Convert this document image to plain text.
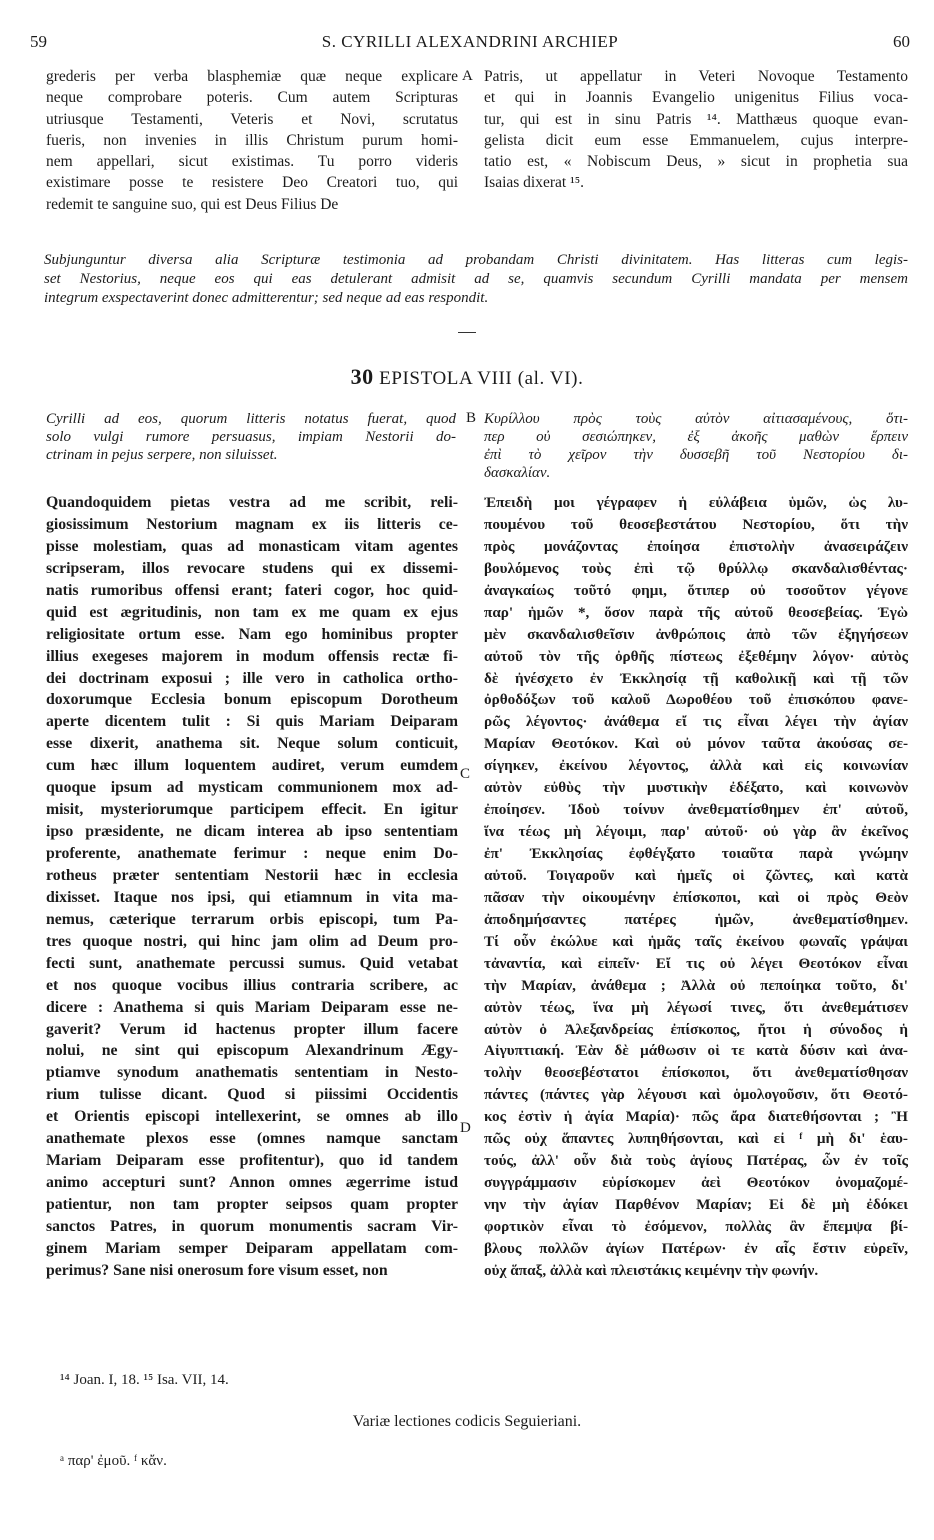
59	S. CYRILLI ALEXANDRINI ARCHIEP	60
grederis per verba blasphemiæ quæ neque explicare
neque comprobare poteris. Cum autem Scripturas
utriusque Testamenti, Veteris et Novi, scrutatus
fueris, non invenies in illis Christum purum homi-
nem appellari, sicut existimas. Tu porro videris
existimare posse te resistere Deo Creatori tuo, qui
redemit te sanguine suo, qui est Deus Filius De
A Patris, ut appellatur in Veteri Novoque Testamento
et qui in Joannis Evangelio unigenitus Filius voca-
tur, qui est in sinu Patris ¹⁴. Matthæus quoque evan-
gelista dicit eum esse Emmanuelem, cujus interpre-
tatio est, « Nobiscum Deus, » sicut in prophetia sua
Isaias dixerat ¹⁵.
Subjunguntur diversa alia Scripturæ testimonia ad probandam Christi divinitatem. Has litteras cum legis-
set Nestorius, neque eos qui eas detulerant admisit ad se, quamvis secundum Cyrilli mandata per mensem
integrum exspectaverint donec admitterentur; sed neque ad eas respondit.
30 EPISTOLA VIII (al. VI).
Cyrilli ad eos, quorum litteris notatus fuerat, quod
solo vulgi rumore persuasus, impiam Nestorii do-
ctrinam in pejus serpere, non siluisset.
B Κυρίλλου πρὸς τοὺς αὐτὸν αἰτιασαμένους, ὅτι-
περ οὐ σεσιώπηκεν, ἐξ ἀκοῆς μαθὼν ἕρπειν
ἐπὶ τὸ χεῖρον τὴν δυσσεβῆ τοῦ Νεστορίου δι-
δασκαλίαν.
Quandoquidem pietas vestra ad me scribit, reli-
giosissimum Nestorium magnam ex iis litteris ce-
pisse molestiam, quas ad monasticam vitam agentes
scripseram, illos revocare studens qui ex dissemi-
natis rumoribus offensi erant; fateri cogor, hoc quid-
quid est ægritudinis, non tam ex me quam ex ejus
religiositate ortum esse. Nam ego hominibus propter
illius exegeses majorem in modum offensis rectæ fi-
dei doctrinam exposui ; ille vero in catholica ortho-
doxorumque Ecclesia bonum episcopum Dorotheum
aperte dicentem tulit : Si quis Mariam Deiparam
esse dixerit, anathema sit. Neque solum conticuit,
cum hæc illum loquentem audiret, verum eumdem
quoque ipsum ad mysticam communionem mox ad-
misit, mysteriorumque participem effecit. En igitur
ipso præsidente, ne dicam interea ab ipso sententiam
proferente, anathemate ferimur : neque enim Do-
rotheus præter sententiam Nestorii hæc in ecclesia
dixisset. Itaque nos ipsi, qui etiamnum in vita ma-
nemus, cæterique terrarum orbis episcopi, tum Pa-
tres quoque nostri, qui hinc jam olim ad Deum pro-
fecti sunt, anathemate percussi sumus. Quid vetabat
et nos quoque vocibus illius contraria scribere, ac
dicere : Anathema si quis Mariam Deiparam esse ne-
gaverit? Verum id hactenus propter illum facere
nolui, ne sint qui episcopum Alexandrinum Ægy-
ptiamve synodum anathematis sententiam in Nesto-
rium tulisse dicant. Quod si piissimi Occidentis
et Orientis episcopi intellexerint, se omnes ab illo
anathemate plexos esse (omnes namque sanctam
Mariam Deiparam esse profitentur), quo id tandem
animo accepturi sunt? Annon omnes ægerrime istud
patientur, non tam propter seipsos quam propter
sanctos Patres, in quorum monumentis sacram Vir-
ginem Mariam semper Deiparam appellatam com-
perimus? Sane nisi onerosum fore visum esset, non
C
D
Ἐπειδὴ μοι γέγραφεν ἡ εὐλάβεια ὑμῶν, ὡς λυ-
πουμένου τοῦ θεοσεβεστάτου Νεστορίου, ὅτι τὴν
πρὸς μονάζοντας ἐποίησα ἐπιστολὴν ἀνασειράζειν
βουλόμενος τοὺς ἐπὶ τῷ θρύλλῳ σκανδαλισθέντας·
ἀναγκαίως τοῦτό φημι, ὅτιπερ οὐ τοσοῦτον γέγονε
παρ' ἡμῶν *, ὅσον παρὰ τῆς αὐτοῦ θεοσεβείας. Ἐγὼ
μὲν σκανδαλισθεῖσιν ἀνθρώποις ἀπὸ τῶν ἐξηγήσεων
αὐτοῦ τὸν τῆς ὀρθῆς πίστεως ἐξεθέμην λόγον· αὐτὸς
δὲ ἠνέσχετο ἐν Ἐκκλησίᾳ τῇ καθολικῇ καὶ τῇ τῶν
ὀρθοδόξων τοῦ καλοῦ Δωροθέου τοῦ ἐπισκόπου φανε-
ρῶς λέγοντος· ἀνάθεμα εἴ τις εἶναι λέγει τὴν ἁγίαν
Μαρίαν Θεοτόκον. Καὶ οὐ μόνον ταῦτα ἀκούσας σε-
σίγηκεν, ἐκείνου λέγοντος, ἀλλὰ καὶ εἰς κοινωνίαν
αὐτὸν εὐθὺς τὴν μυστικὴν ἐδέξατο, καὶ κοινωνὸν
ἐποίησεν. Ἰδοὺ τοίνυν ἀνεθεματίσθημεν ἐπ' αὐτοῦ,
ἵνα τέως μὴ λέγοιμι, παρ' αὐτοῦ· οὐ γὰρ ἂν ἐκεῖνος
ἐπ' Ἐκκλησίας ἐφθέγξατο τοιαῦτα παρὰ γνώμην
αὐτοῦ. Τοιγαροῦν καὶ ἡμεῖς οἱ ζῶντες, καὶ κατὰ
πᾶσαν τὴν οἰκουμένην ἐπίσκοποι, καὶ οἱ πρὸς Θεὸν
ἀποδημήσαντες πατέρες ἡμῶν, ἀνεθεματίσθημεν.
Τί οὖν ἐκώλυε καὶ ἡμᾶς ταῖς ἐκείνου φωναῖς γράψαι
τἀναντία, καὶ εἰπεῖν· Εἴ τις οὐ λέγει Θεοτόκον εἶναι
τὴν Μαρίαν, ἀνάθεμα ; Ἀλλὰ οὐ πεποίηκα τοῦτο, δι'
αὐτὸν τέως, ἵνα μὴ λέγωσί τινες, ὅτι ἀνεθεμάτισεν
αὐτὸν ὁ Ἀλεξανδρείας ἐπίσκοπος, ἤτοι ἡ σύνοδος ἡ
Αἰγυπτιακή. Ἐὰν δὲ μάθωσιν οἱ τε κατὰ δύσιν καὶ ἀνα-
τολὴν θεοσεβέστατοι ἐπίσκοποι, ὅτι ἀνεθεματίσθησαν
πάντες (πάντες γὰρ λέγουσι καὶ ὁμολογοῦσιν, ὅτι Θεοτό-
κος ἐστὶν ἡ ἁγία Μαρία)· πῶς ἄρα διατεθήσονται ; Ἢ
πῶς οὐχ ἅπαντες λυπηθήσονται, καὶ εἰ ᶠ μὴ δι' ἑαυ-
τούς, ἀλλ' οὖν διὰ τοὺς ἁγίους Πατέρας, ὧν ἐν τοῖς
συγγράμμασιν εὑρίσκομεν ἀεὶ Θεοτόκον ὀνομαζομέ-
νην τὴν ἁγίαν Παρθένον Μαρίαν; Εἰ δὲ μὴ ἐδόκει
φορτικὸν εἶναι τὸ ἐσόμενον, πολλὰς ἂν ἔπεμψα βί-
βλους πολλῶν ἁγίων Πατέρων· ἐν αἷς ἔστιν εὑρεῖν,
οὐχ ἅπαξ, ἀλλὰ καὶ πλειστάκις κειμένην τὴν φωνήν.
¹⁴ Joan. I, 18. ¹⁵ Isa. VII, 14.
Variæ lectiones codicis Seguieriani.
ᵃ παρ' ἐμοῦ. ᶠ κἄν.
